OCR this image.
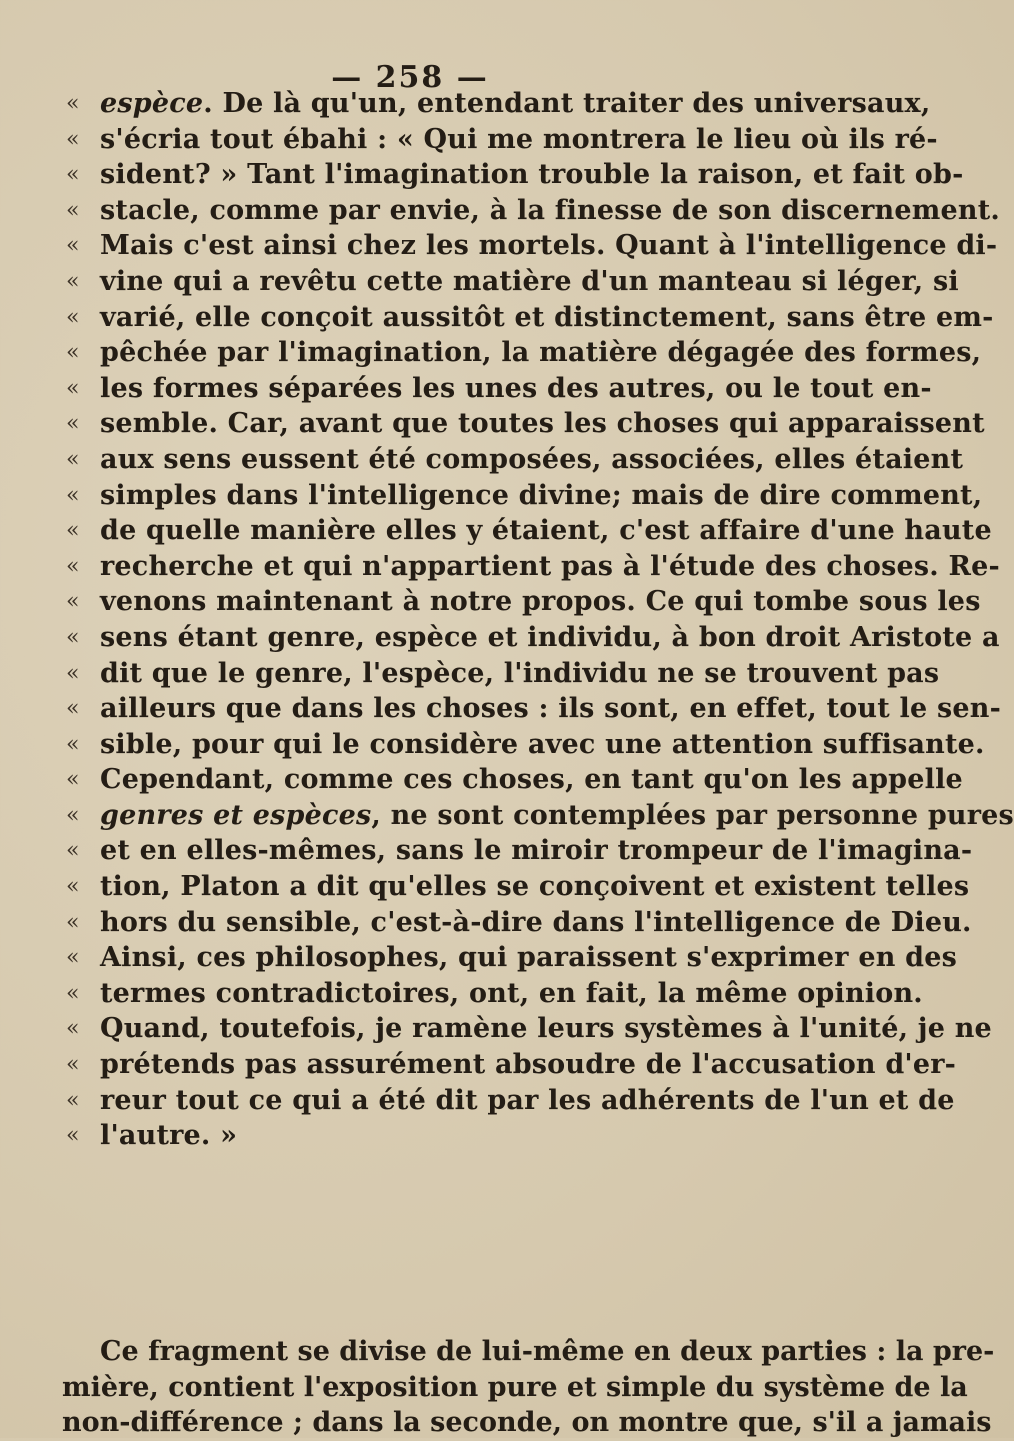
— 258 —
« espèce. De là qu'un, entendant traiter des universaux,
« s'écria tout ébahi : « Qui me montrera le lieu où ils ré-
« sident? » Tant l'imagination trouble la raison, et fait ob-
« stacle, comme par envie, à la finesse de son discernement.
« Mais c'est ainsi chez les mortels. Quant à l'intelligence di-
« vine qui a revêtu cette matière d'un manteau si léger, si
« varié, elle conçoit aussitôt et distinctement, sans être em-
« pêchée par l'imagination, la matière dégagée des formes,
« les formes séparées les unes des autres, ou le tout en-
« semble. Car, avant que toutes les choses qui apparaissent
« aux sens eussent été composées, associées, elles étaient
« simples dans l'intelligence divine; mais de dire comment,
« de quelle manière elles y étaient, c'est affaire d'une haute
« recherche et qui n'appartient pas à l'étude des choses. Re-
« venons maintenant à notre propos. Ce qui tombe sous les
« sens étant genre, espèce et individu, à bon droit Aristote a
« dit que le genre, l'espèce, l'individu ne se trouvent pas
« ailleurs que dans les choses : ils sont, en effet, tout le sen-
« sible, pour qui le considère avec une attention suffisante.
« Cependant, comme ces choses, en tant qu'on les appelle
« genres et espèces, ne sont contemplées par personne pures
« et en elles-mêmes, sans le miroir trompeur de l'imagina-
« tion, Platon a dit qu'elles se conçoivent et existent telles
« hors du sensible, c'est-à-dire dans l'intelligence de Dieu.
« Ainsi, ces philosophes, qui paraissent s'exprimer en des
« termes contradictoires, ont, en fait, la même opinion.
« Quand, toutefois, je ramène leurs systèmes à l'unité, je ne
« prétends pas assurément absoudre de l'accusation d'er-
« reur tout ce qui a été dit par les adhérents de l'un et de
« l'autre. »
Ce fragment se divise de lui-même en deux parties : la pre-
mière, contient l'exposition pure et simple du système de la
non-différence ; dans la seconde, on montre que, s'il a jamais
